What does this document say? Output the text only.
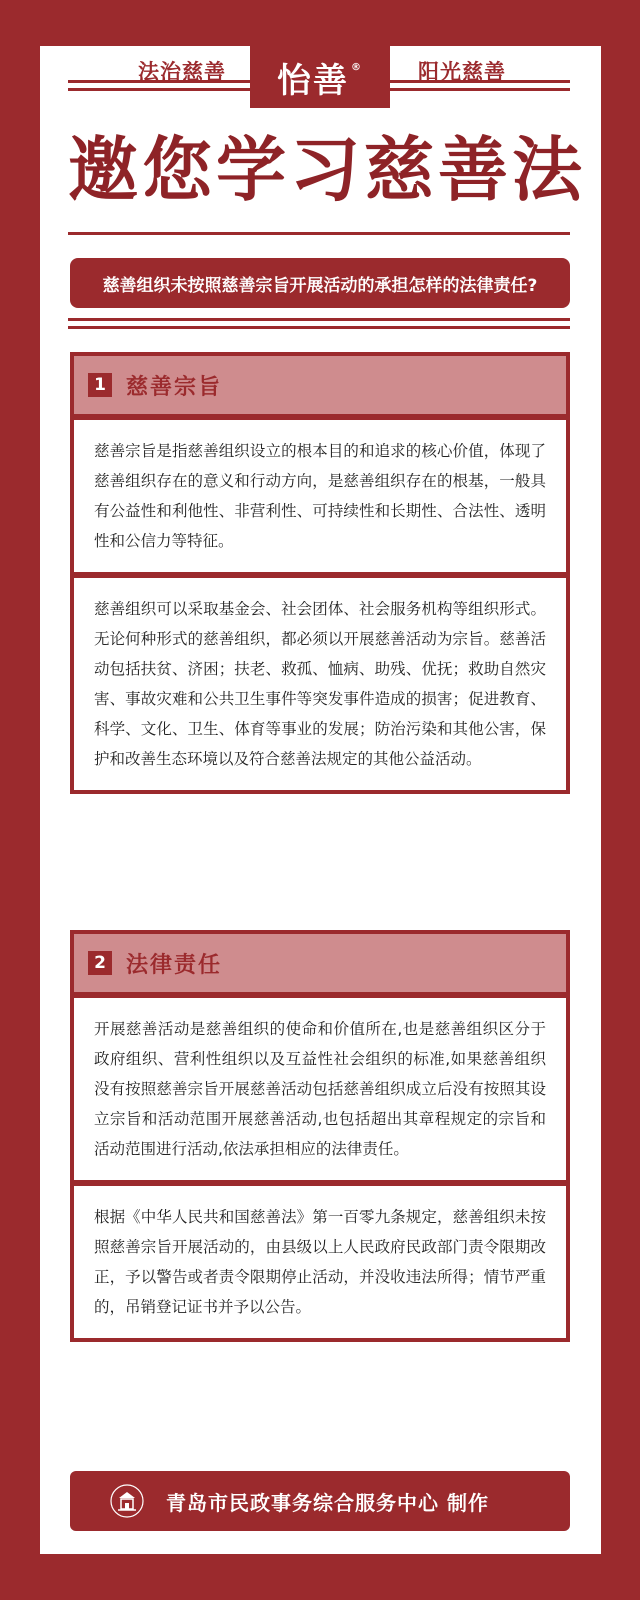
法治慈善 怡善®	阳光慈善
邀您学习慈善法
慈善组织未按照慈善宗旨开展活动的承担怎样的法律责任?
1 慈善宗旨
慈善宗旨是指慈善组织设立的根本目的和追求的核心价值，体现了慈善组织存在的意义和行动方向，是慈善组织存在的根基，一般具有公益性和利他性、非营利性、可持续性和长期性、合法性、透明性和公信力等特征。
慈善组织可以采取基金会、社会团体、社会服务机构等组织形式。无论何种形式的慈善组织，都必须以开展慈善活动为宗旨。慈善活动包括扶贫、济困；扶老、救孤、恤病、助残、优抚；救助自然灾害、事故灾难和公共卫生事件等突发事件造成的损害；促进教育、科学、文化、卫生、体育等事业的发展；防治污染和其他公害，保护和改善生态环境以及符合慈善法规定的其他公益活动。
2 法律责任
开展慈善活动是慈善组织的使命和价值所在,也是慈善组织区分于政府组织、营利性组织以及互益性社会组织的标准,如果慈善组织没有按照慈善宗旨开展慈善活动包括慈善组织成立后没有按照其设立宗旨和活动范围开展慈善活动,也包括超出其章程规定的宗旨和活动范围进行活动,依法承担相应的法律责任。
根据《中华人民共和国慈善法》第一百零九条规定，慈善组织未按照慈善宗旨开展活动的，由县级以上人民政府民政部门责令限期改正，予以警告或者责令限期停止活动，并没收违法所得；情节严重的，吊销登记证书并予以公告。
青岛市民政事务综合服务中心 制作
